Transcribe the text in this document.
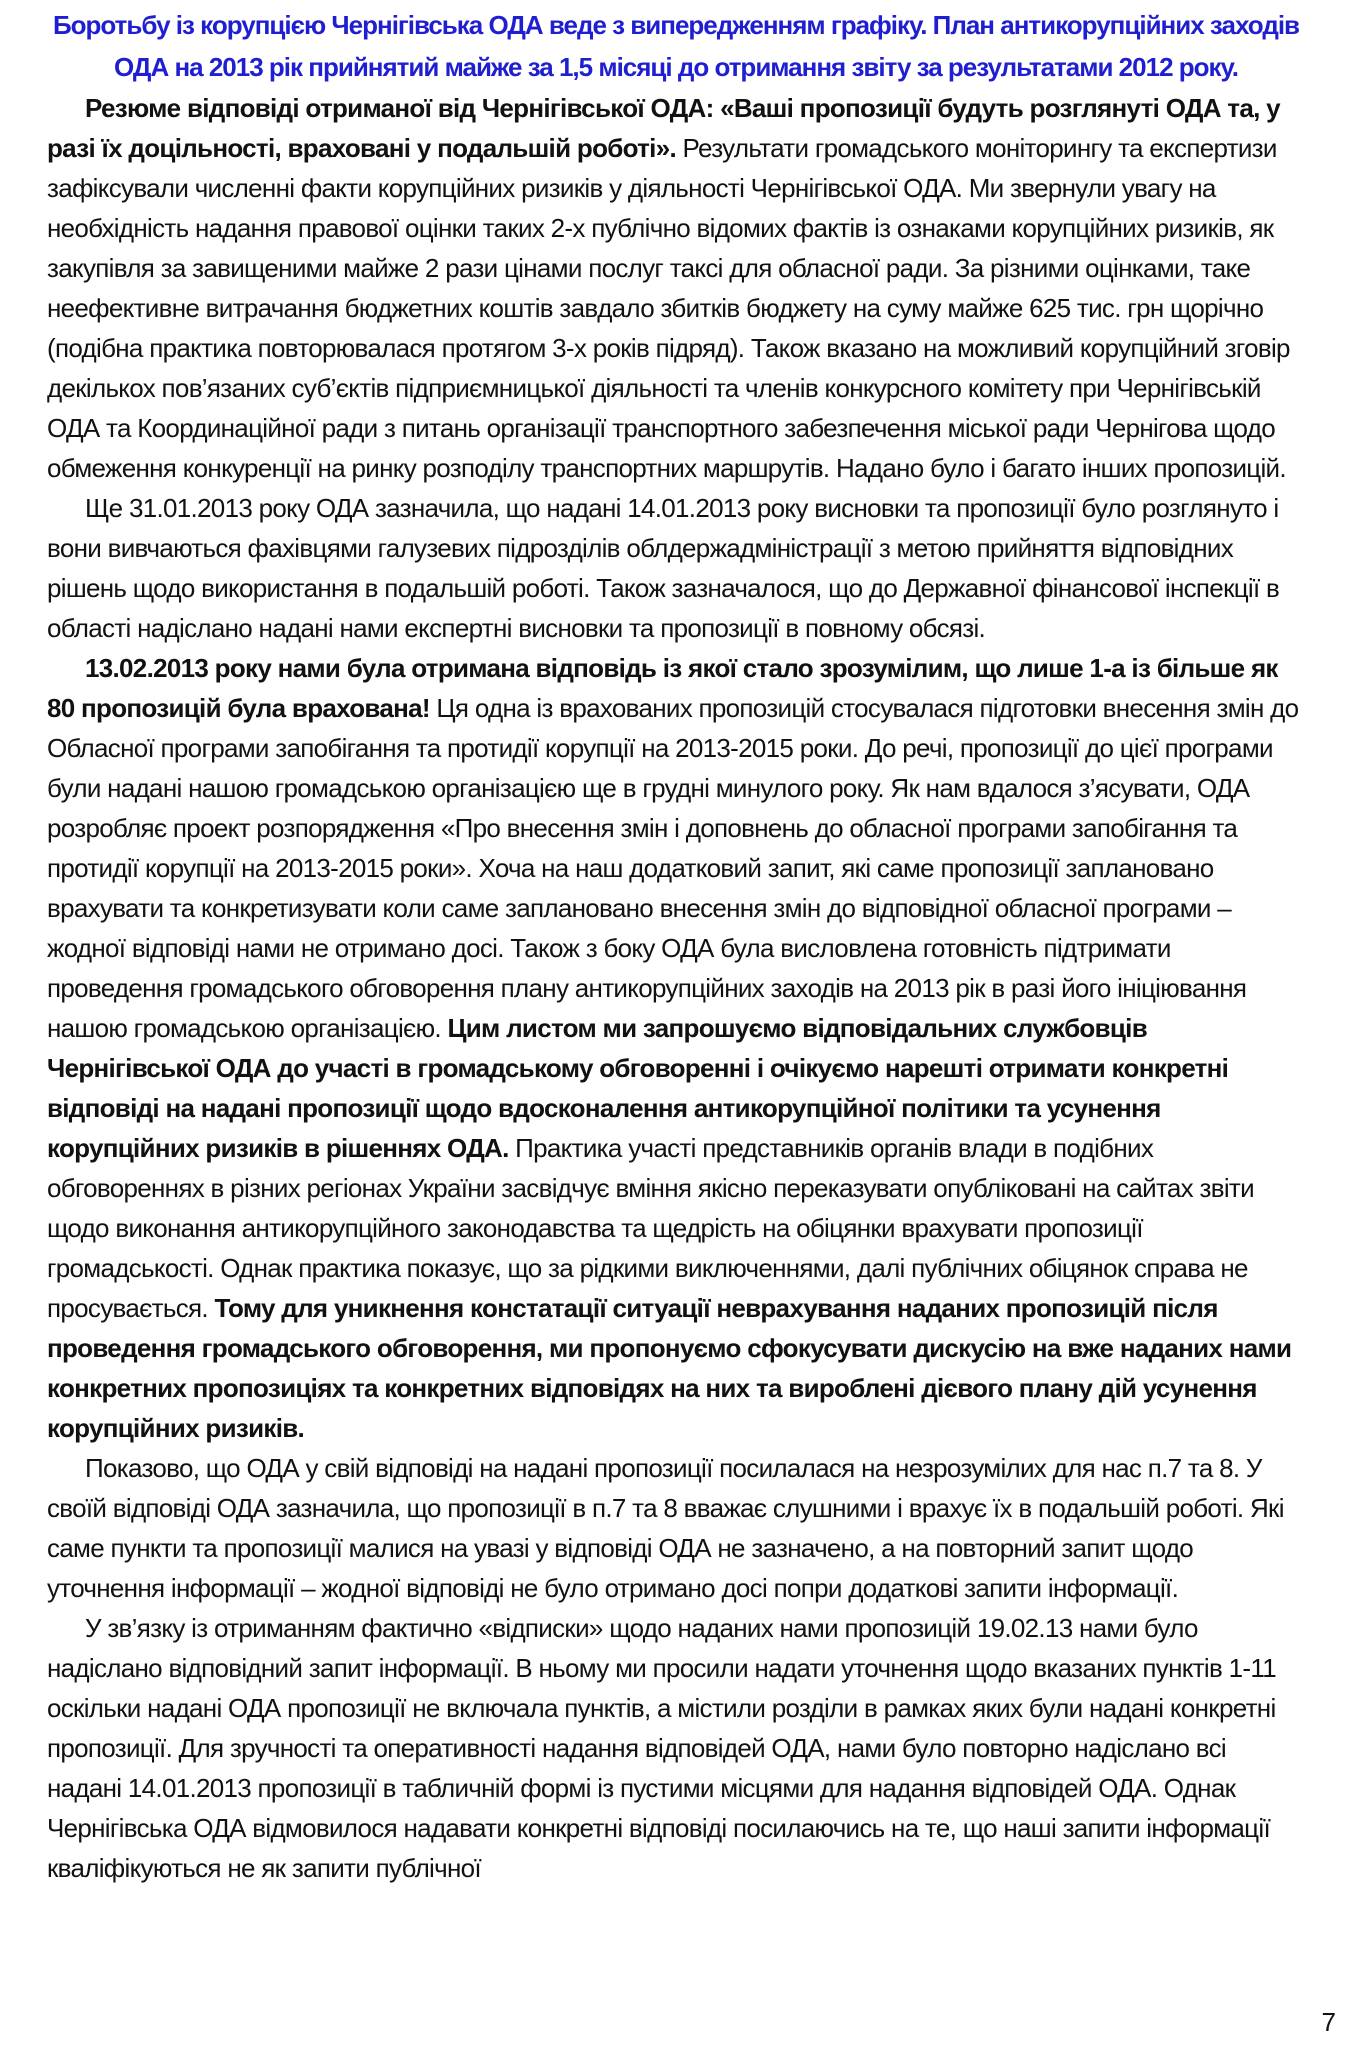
Боротьбу із корупцією Чернігівська ОДА веде з випередженням графіку. План антикорупційних заходів ОДА на 2013 рік прийнятий майже за 1,5 місяці до отримання звіту за результатами 2012 року.

Резюме відповіді отриманої від Чернігівської ОДА: «Ваші пропозиції будуть розглянуті ОДА та, у разі їх доцільності, враховані у подальшій роботі». Результати громадського моніторингу та експертизи зафіксували численні факти корупційних ризиків у діяльності Чернігівської ОДА. Ми звернули увагу на необхідність надання правової оцінки таких 2-х публічно відомих фактів із ознаками корупційних ризиків, як закупівля за завищеними майже 2 рази цінами послуг таксі для обласної ради. За різними оцінками, таке неефективне витрачання бюджетних коштів завдало збитків бюджету на суму майже 625 тис. грн щорічно (подібна практика повторювалася протягом 3-х років підряд). Також вказано на можливий корупційний зговір декількох пов’язаних суб’єктів підприємницької діяльності та членів конкурсного комітету при Чернігівській ОДА та Координаційної ради з питань організації транспортного забезпечення міської ради Чернігова щодо обмеження конкуренції на ринку розподілу транспортних маршрутів. Надано було і багато інших пропозицій.

Ще 31.01.2013 року ОДА зазначила, що надані 14.01.2013 року висновки та пропозиції було розглянуто і вони вивчаються фахівцями галузевих підрозділів облдержадміністрації з метою прийняття відповідних рішень щодо використання в подальшій роботі. Також зазначалося, що до Державної фінансової інспекції в області надіслано надані нами експертні висновки та пропозиції в повному обсязі.

13.02.2013 року нами була отримана відповідь із якої стало зрозумілим, що лише 1-а із більше як 80 пропозицій була врахована! Ця одна із врахованих пропозицій стосувалася підготовки внесення змін до Обласної програми запобігання та протидії корупції на 2013-2015 роки. До речі, пропозиції до цієї програми були надані нашою громадською організацією ще в грудні минулого року. Як нам вдалося з’ясувати, ОДА розробляє проект розпорядження «Про внесення змін і доповнень до обласної програми запобігання та протидії корупції на 2013-2015 роки». Хоча на наш додатковий запит, які саме пропозиції заплановано врахувати та конкретизувати коли саме заплановано внесення змін до відповідної обласної програми – жодної відповіді нами не отримано досі. Також з боку ОДА була висловлена готовність підтримати проведення громадського обговорення плану антикорупційних заходів на 2013 рік в разі його ініціювання нашою громадською організацією. Цим листом ми запрошуємо відповідальних службовців Чернігівської ОДА до участі в громадському обговоренні і очікуємо нарешті отримати конкретні відповіді на надані пропозиції щодо вдосконалення антикорупційної політики та усунення корупційних ризиків в рішеннях ОДА. Практика участі представників органів влади в подібних обговореннях в різних регіонах України засвідчує вміння якісно переказувати опубліковані на сайтах звіти щодо виконання антикорупційного законодавства та щедрість на обіцянки врахувати пропозиції громадськості. Однак практика показує, що за рідкими виключеннями, далі публічних обіцянок справа не просувається. Тому для уникнення констатації ситуації неврахування наданих пропозицій після проведення громадського обговорення, ми пропонуємо сфокусувати дискусію на вже наданих нами конкретних пропозиціях та конкретних відповідях на них та вироблені дієвого плану дій усунення корупційних ризиків.

Показово, що ОДА у свій відповіді на надані пропозиції посилалася на незрозумілих для нас п.7 та 8. У своїй відповіді ОДА зазначила, що пропозиції в п.7 та 8 вважає слушними і врахує їх в подальшій роботі. Які саме пункти та пропозиції малися на увазі у відповіді ОДА не зазначено, а на повторний запит щодо уточнення інформації – жодної відповіді не було отримано досі попри додаткові запити інформації.

У зв’язку із отриманням фактично «відписки» щодо наданих нами пропозицій 19.02.13 нами було надіслано відповідний запит інформації. В ньому ми просили надати уточнення щодо вказаних пунктів 1-11 оскільки надані ОДА пропозиції не включала пунктів, а містили розділи в рамках яких були надані конкретні пропозиції. Для зручності та оперативності надання відповідей ОДА, нами було повторно надіслано всі надані 14.01.2013 пропозиції в табличній формі із пустими місцями для надання відповідей ОДА. Однак Чернігівська ОДА відмовилося надавати конкретні відповіді посилаючись на те, що наші запити інформації кваліфікуються не як запити публічної

7
